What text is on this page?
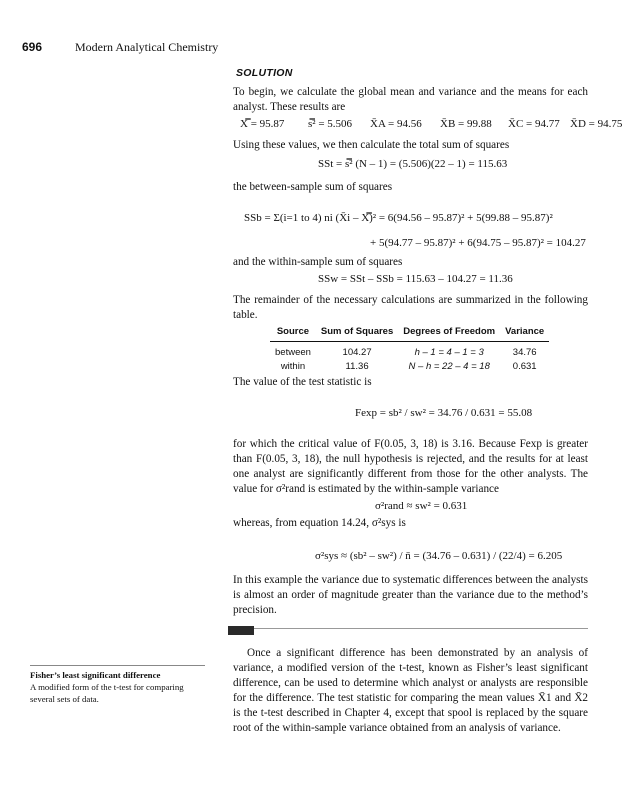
696	Modern Analytical Chemistry
SOLUTION
To begin, we calculate the global mean and variance and the means for each analyst. These results are
X̿ = 95.87 s̿² = 5.506 X̄A = 94.56 X̄B = 99.88 X̄C = 94.77 X̄D = 94.75
Using these values, we then calculate the total sum of squares
SSt = s̿² (N – 1) = (5.506)(22 – 1) = 115.63
the between-sample sum of squares
SSb = Σ(i=1 to 4) ni (X̄i – X̿)² = 6(94.56 – 95.87)² + 5(99.88 – 95.87)²
+ 5(94.77 – 95.87)² + 6(94.75 – 95.87)² = 104.27
and the within-sample sum of squares
SSw = SSt – SSb = 115.63 – 104.27 = 11.36
The remainder of the necessary calculations are summarized in the following table.
Source	Sum of Squares	Degrees of Freedom	Variance
between	104.27	h – 1 = 4 – 1 = 3	34.76
within	11.36	N – h = 22 – 4 = 18	0.631
The value of the test statistic is
Fexp = sb² / sw² = 34.76 / 0.631 = 55.08
for which the critical value of F(0.05, 3, 18) is 3.16. Because Fexp is greater than F(0.05, 3, 18), the null hypothesis is rejected, and the results for at least one analyst are significantly different from those for the other analysts. The value for σ²rand is estimated by the within-sample variance
σ²rand ≈ sw² = 0.631
whereas, from equation 14.24, σ²sys is
σ²sys ≈ (sb² – sw²) / n̄ = (34.76 – 0.631) / (22/4) = 6.205
In this example the variance due to systematic differences between the analysts is almost an order of magnitude greater than the variance due to the method’s precision.
Once a significant difference has been demonstrated by an analysis of variance, a modified version of the t-test, known as Fisher’s least significant difference, can be used to determine which analyst or analysts are responsible for the difference. The test statistic for comparing the mean values X̄1 and X̄2 is the t-test described in Chapter 4, except that spool is replaced by the square root of the within-sample variance obtained from an analysis of variance.
Fisher’s least significant difference
A modified form of the t-test for comparing several sets of data.
